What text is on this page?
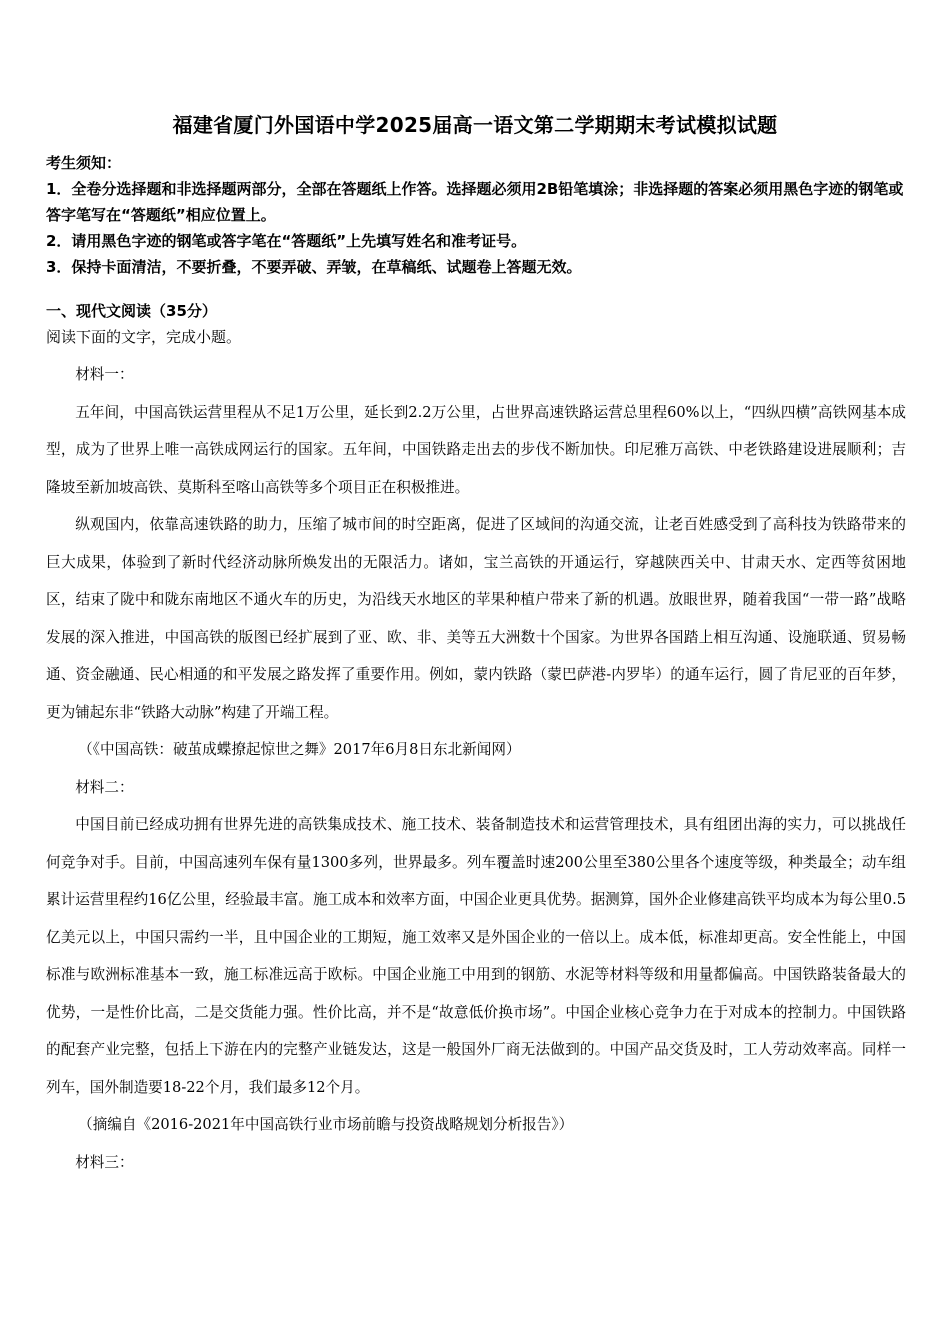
福建省厦门外国语中学2025届高一语文第二学期期末考试模拟试题

考生须知：

1．全卷分选择题和非选择题两部分，全部在答题纸上作答。选择题必须用2B铅笔填涂；非选择题的答案必须用黑色字迹的钢笔或答字笔写在“答题纸”相应位置上。

2．请用黑色字迹的钢笔或答字笔在“答题纸”上先填写姓名和准考证号。

3．保持卡面清洁，不要折叠，不要弄破、弄皱，在草稿纸、试题卷上答题无效。

一、现代文阅读（35分）

阅读下面的文字，完成小题。

材料一：

五年间，中国高铁运营里程从不足1万公里，延长到2.2万公里，占世界高速铁路运营总里程60%以上，“四纵四横”高铁网基本成型，成为了世界上唯一高铁成网运行的国家。五年间，中国铁路走出去的步伐不断加快。印尼雅万高铁、中老铁路建设进展顺利；吉隆坡至新加坡高铁、莫斯科至喀山高铁等多个项目正在积极推进。

纵观国内，依靠高速铁路的助力，压缩了城市间的时空距离，促进了区域间的沟通交流，让老百姓感受到了高科技为铁路带来的巨大成果，体验到了新时代经济动脉所焕发出的无限活力。诸如，宝兰高铁的开通运行，穿越陕西关中、甘肃天水、定西等贫困地区，结束了陇中和陇东南地区不通火车的历史，为沿线天水地区的苹果种植户带来了新的机遇。放眼世界，随着我国“一带一路”战略发展的深入推进，中国高铁的版图已经扩展到了亚、欧、非、美等五大洲数十个国家。为世界各国踏上相互沟通、设施联通、贸易畅通、资金融通、民心相通的和平发展之路发挥了重要作用。例如，蒙内铁路（蒙巴萨港-内罗毕）的通车运行，圆了肯尼亚的百年梦，更为铺起东非“铁路大动脉”构建了开端工程。

（《中国高铁：破茧成蝶撩起惊世之舞》2017年6月8日东北新闻网）

材料二：

中国目前已经成功拥有世界先进的高铁集成技术、施工技术、装备制造技术和运营管理技术，具有组团出海的实力，可以挑战任何竞争对手。目前，中国高速列车保有量1300多列，世界最多。列车覆盖时速200公里至380公里各个速度等级，种类最全；动车组累计运营里程约16亿公里，经验最丰富。施工成本和效率方面，中国企业更具优势。据测算，国外企业修建高铁平均成本为每公里0.5亿美元以上，中国只需约一半，且中国企业的工期短，施工效率又是外国企业的一倍以上。成本低，标准却更高。安全性能上，中国标准与欧洲标准基本一致，施工标准远高于欧标。中国企业施工中用到的钢筋、水泥等材料等级和用量都偏高。中国铁路装备最大的优势，一是性价比高，二是交货能力强。性价比高，并不是“故意低价换市场”。中国企业核心竞争力在于对成本的控制力。中国铁路的配套产业完整，包括上下游在内的完整产业链发达，这是一般国外厂商无法做到的。中国产品交货及时，工人劳动效率高。同样一列车，国外制造要18-22个月，我们最多12个月。

（摘编自《2016-2021年中国高铁行业市场前瞻与投资战略规划分析报告》）

材料三：
